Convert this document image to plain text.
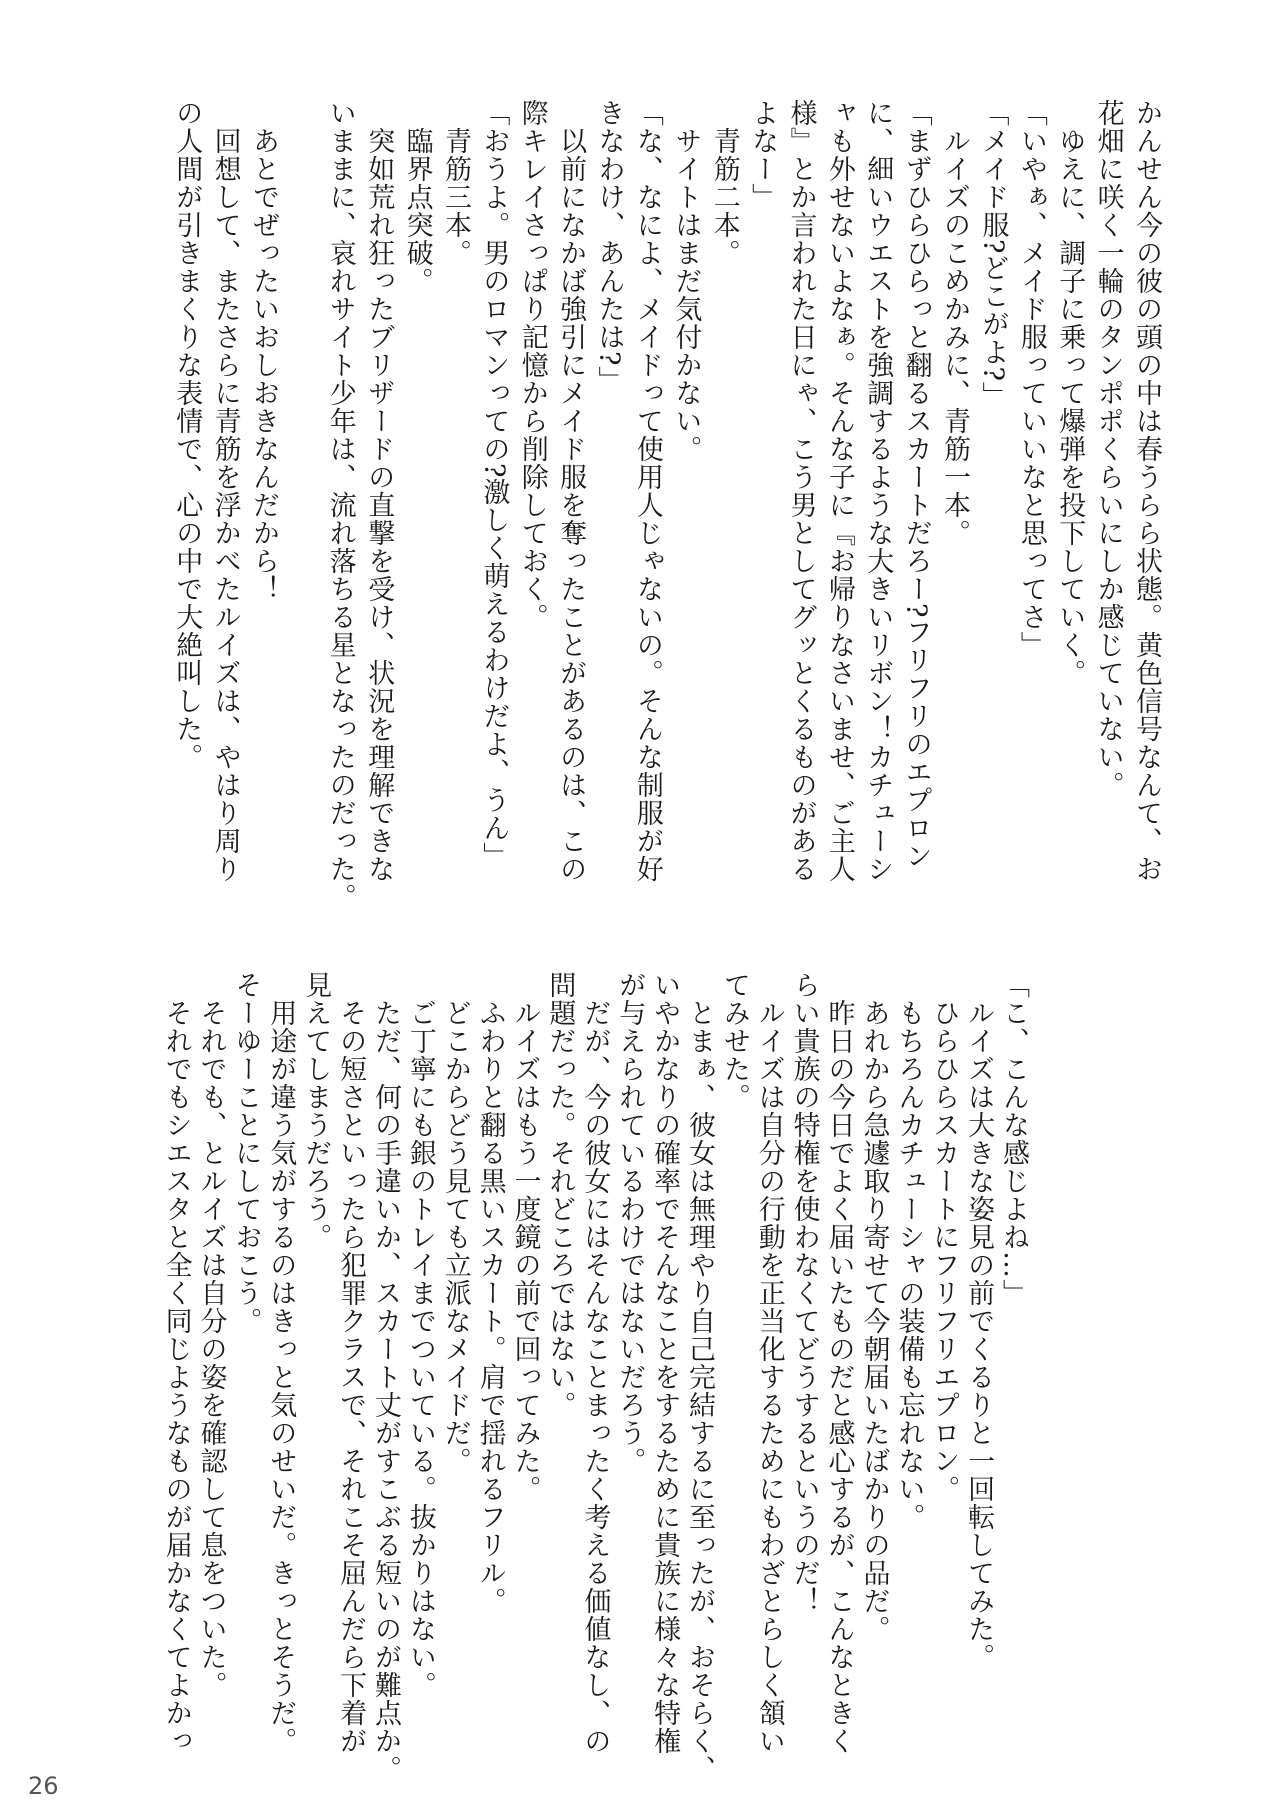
かんせん今の彼の頭の中は春うらら状態。黄色信号なんて、お

花畑に咲く一輪のタンポポくらいにしか感じていない。

　ゆえに、調子に乗って爆弾を投下していく。

「いやぁ、メイド服っていいなと思ってさ」

「メイド服?どこがよ?」

　ルイズのこめかみに、青筋一本。

「まずひらひらっと翻るスカートだろー?フリフリのエプロン

に、細いウエストを強調するような大きいリボン！カチューシ

ャも外せないよなぁ。そんな子に『お帰りなさいませ、ご主人

様』とか言われた日にゃ、こう男としてグッとくるものがある

よなー」

　青筋二本。

　サイトはまだ気付かない。

「な、なによ、メイドって使用人じゃないの。そんな制服が好

きなわけ、あんたは?」

　以前になかば強引にメイド服を奪ったことがあるのは、この

際キレイさっぱり記憶から削除しておく。

「おうよ。男のロマンっての?激しく萌えるわけだよ、うん」

　青筋三本。

　臨界点突破。

　突如荒れ狂ったブリザードの直撃を受け、状況を理解できな

いままに、哀れサイト少年は、流れ落ちる星となったのだった。

　あとでぜったいおしおきなんだから！

　回想して、またさらに青筋を浮かべたルイズは、やはり周り

の人間が引きまくりな表情で、心の中で大絶叫した。

「こ、こんな感じよね…」

　ルイズは大きな姿見の前でくるりと一回転してみた。

　ひらひらスカートにフリフリエプロン。

　もちろんカチューシャの装備も忘れない。

　あれから急遽取り寄せて今朝届いたばかりの品だ。

　昨日の今日でよく届いたものだと感心するが、こんなときく

らい貴族の特権を使わなくてどうするというのだ！

　ルイズは自分の行動を正当化するためにもわざとらしく頷い

てみせた。

　とまぁ、彼女は無理やり自己完結するに至ったが、おそらく、

いやかなりの確率でそんなことをするために貴族に様々な特権

が与えられているわけではないだろう。

　だが、今の彼女にはそんなことまったく考える価値なし、の

問題だった。それどころではない。

　ルイズはもう一度鏡の前で回ってみた。

　ふわりと翻る黒いスカート。肩で揺れるフリル。

　どこからどう見ても立派なメイドだ。

　ご丁寧にも銀のトレイまでついている。抜かりはない。

　ただ、何の手違いか、スカート丈がすこぶる短いのが難点か。

　その短さといったら犯罪クラスで、それこそ屈んだら下着が

見えてしまうだろう。

　用途が違う気がするのはきっと気のせいだ。きっとそうだ。

そーゆーことにしておこう。

　それでも、とルイズは自分の姿を確認して息をついた。

　それでもシエスタと全く同じようなものが届かなくてよかっ

26
